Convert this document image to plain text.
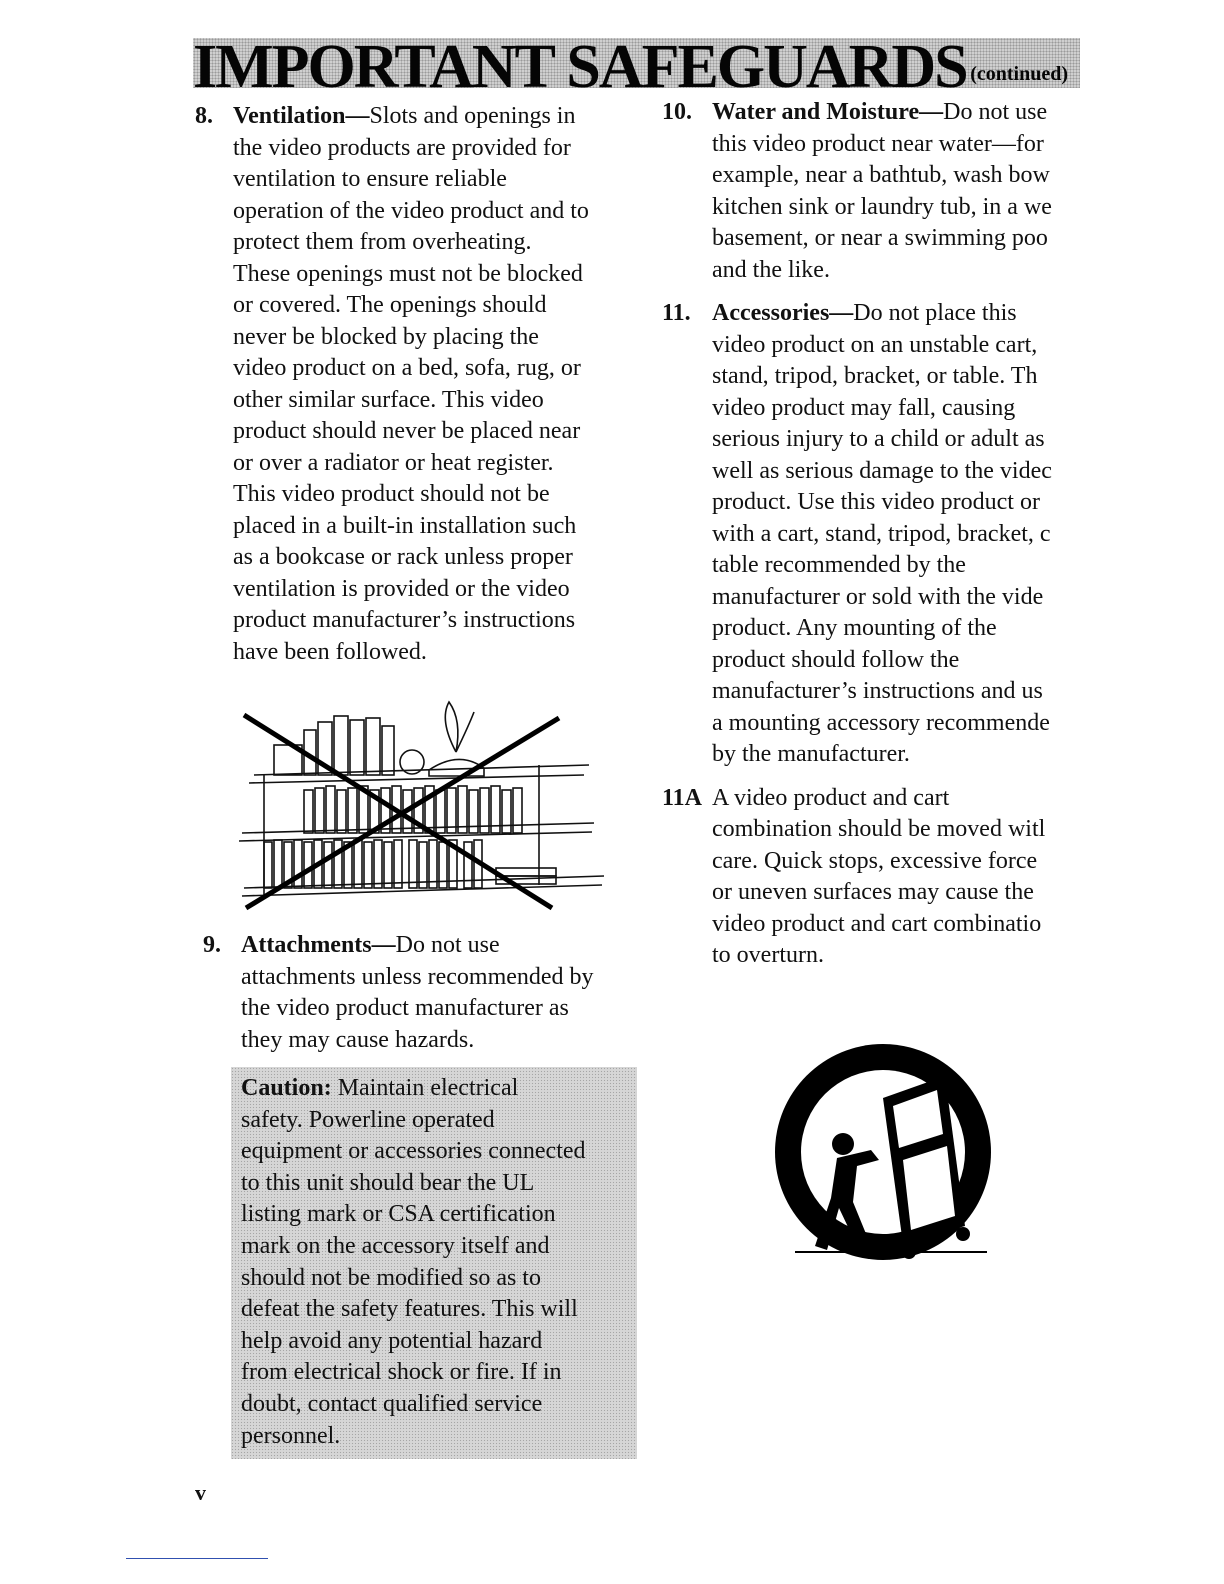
IMPORTANT SAFEGUARDS (continued)
8. Ventilation—Slots and openings in
the video products are provided for
ventilation to ensure reliable
operation of the video product and to
protect them from overheating.
These openings must not be blocked
or covered. The openings should
never be blocked by placing the
video product on a bed, sofa, rug, or
other similar surface. This video
product should never be placed near
or over a radiator or heat register.
This video product should not be
placed in a built-in installation such
as a bookcase or rack unless proper
ventilation is provided or the video
product manufacturer’s instructions
have been followed.
9. Attachments—Do not use
attachments unless recommended by
the video product manufacturer as
they may cause hazards.
Caution: Maintain electrical
safety. Powerline operated
equipment or accessories connected
to this unit should bear the UL
listing mark or CSA certification
mark on the accessory itself and
should not be modified so as to
defeat the safety features. This will
help avoid any potential hazard
from electrical shock or fire. If in
doubt, contact qualified service
personnel.
10. Water and Moisture—Do not use
this video product near water—for
example, near a bathtub, wash bow
kitchen sink or laundry tub, in a we
basement, or near a swimming poo
and the like.
11. Accessories—Do not place this
video product on an unstable cart,
stand, tripod, bracket, or table. Th
video product may fall, causing
serious injury to a child or adult as
well as serious damage to the videc
product. Use this video product or
with a cart, stand, tripod, bracket, c
table recommended by the
manufacturer or sold with the vide
product. Any mounting of the
product should follow the
manufacturer’s instructions and us
a mounting accessory recommende
by the manufacturer.
11A A video product and cart
combination should be moved witl
care. Quick stops, excessive force
or uneven surfaces may cause the
video product and cart combinatio
to overturn.
v
